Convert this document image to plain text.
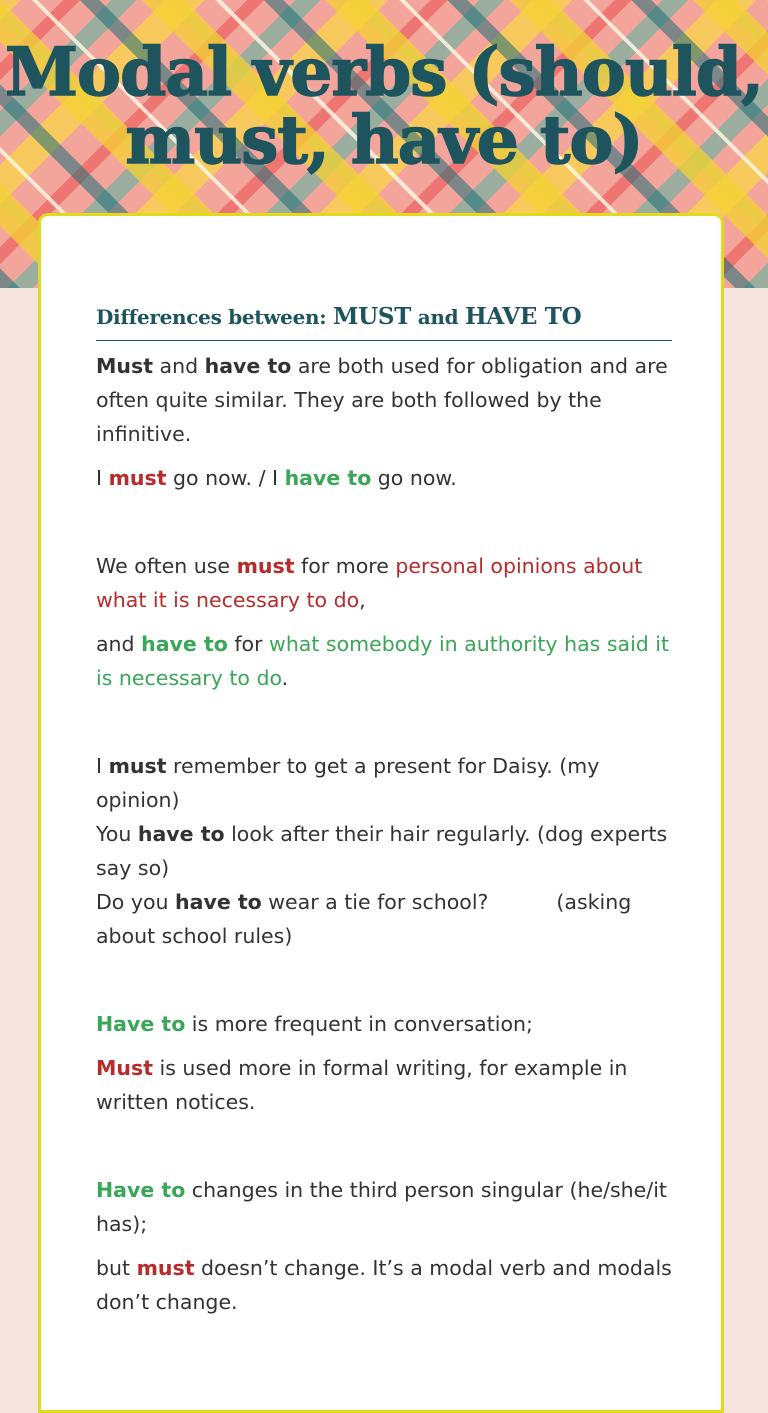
Modal verbs (should, must, have to)
Differences between: MUST and HAVE TO

Must and have to are both used for obligation and are often quite similar. They are both followed by the infinitive.

I must go now. / I have to go now.

We often use must for more personal opinions about what it is necessary to do,

and have to for what somebody in authority has said it is necessary to do.

I must remember to get a present for Daisy. (my opinion)

You have to look after their hair regularly. (dog experts say so)

Do you have to wear a tie for school?	(asking about school rules)

Have to is more frequent in conversation;

Must is used more in formal writing, for example in written notices.

Have to changes in the third person singular (he/she/it has);

but must doesn’t change. It’s a modal verb and modals don’t change.
